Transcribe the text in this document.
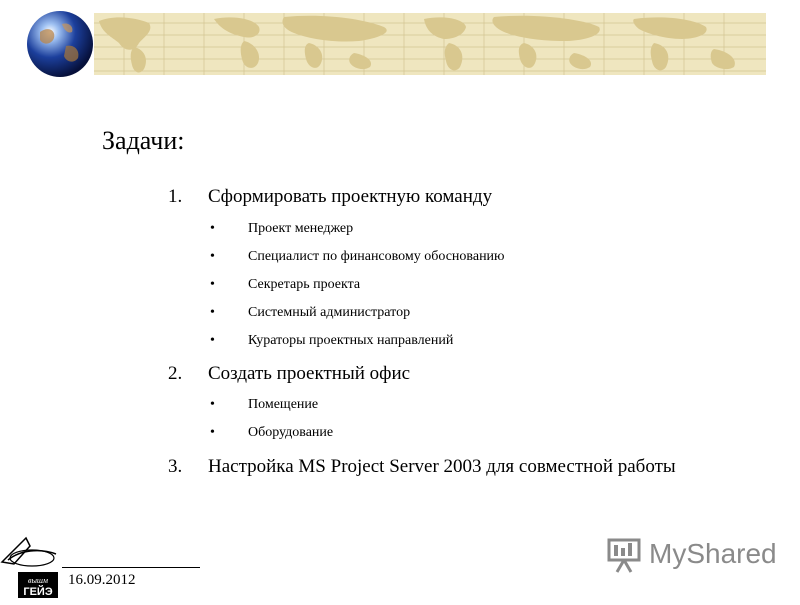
Задачи:
1.	Сформировать проектную команду
• Проект менеджер
• Специалист по финансовому обоснованию
• Секретарь проекта
• Системный администратор
• Кураторы проектных направлений
2.	Создать проектный офис
• Помещение
• Оборудование
3.	Настройка MS Project Server 2003 для совместной работы
вышм
ГЕЙЭ
16.09.2012
MyShared
